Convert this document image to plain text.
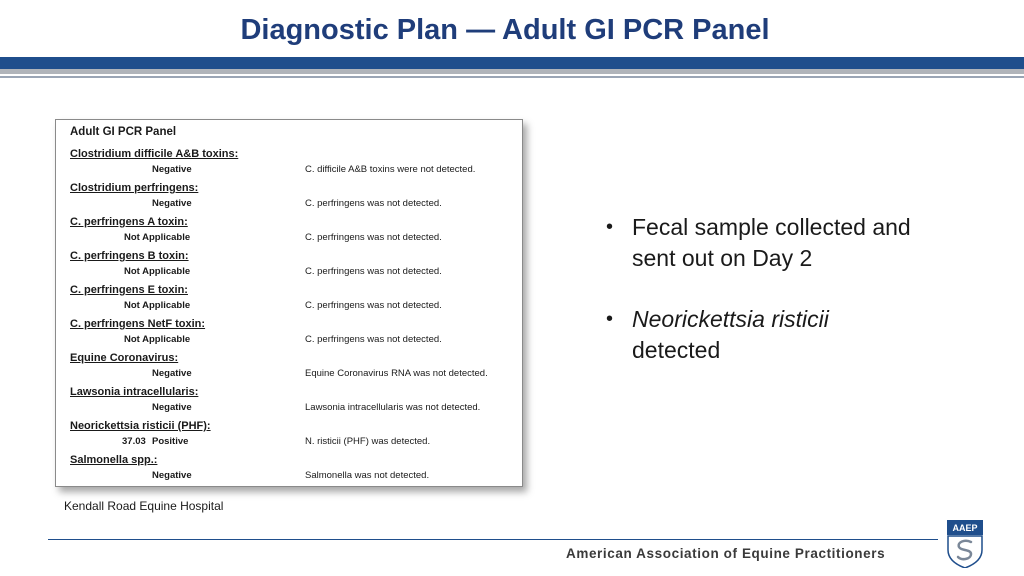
Diagnostic Plan — Adult GI PCR Panel
Adult GI PCR Panel
Clostridium difficile A&B toxins:
Negative	C. difficile A&B toxins were not detected.
Clostridium perfringens:
Negative	C. perfringens was not detected.
C. perfringens A toxin:
Not Applicable	C. perfringens was not detected.
C. perfringens B toxin:
Not Applicable	C. perfringens was not detected.
C. perfringens E toxin:
Not Applicable	C. perfringens was not detected.
C. perfringens NetF toxin:
Not Applicable	C. perfringens was not detected.
Equine Coronavirus:
Negative	Equine Coronavirus RNA was not detected.
Lawsonia intracellularis:
Negative	Lawsonia intracellularis was not detected.
Neorickettsia risticii (PHF):
37.03 Positive	N. risticii (PHF) was detected.
Salmonella spp.:
Negative	Salmonella was not detected.
• Fecal sample collected and sent out on Day 2
• Neorickettsia risticii
detected
Kendall Road Equine Hospital
American Association of Equine Practitioners
AAEP
